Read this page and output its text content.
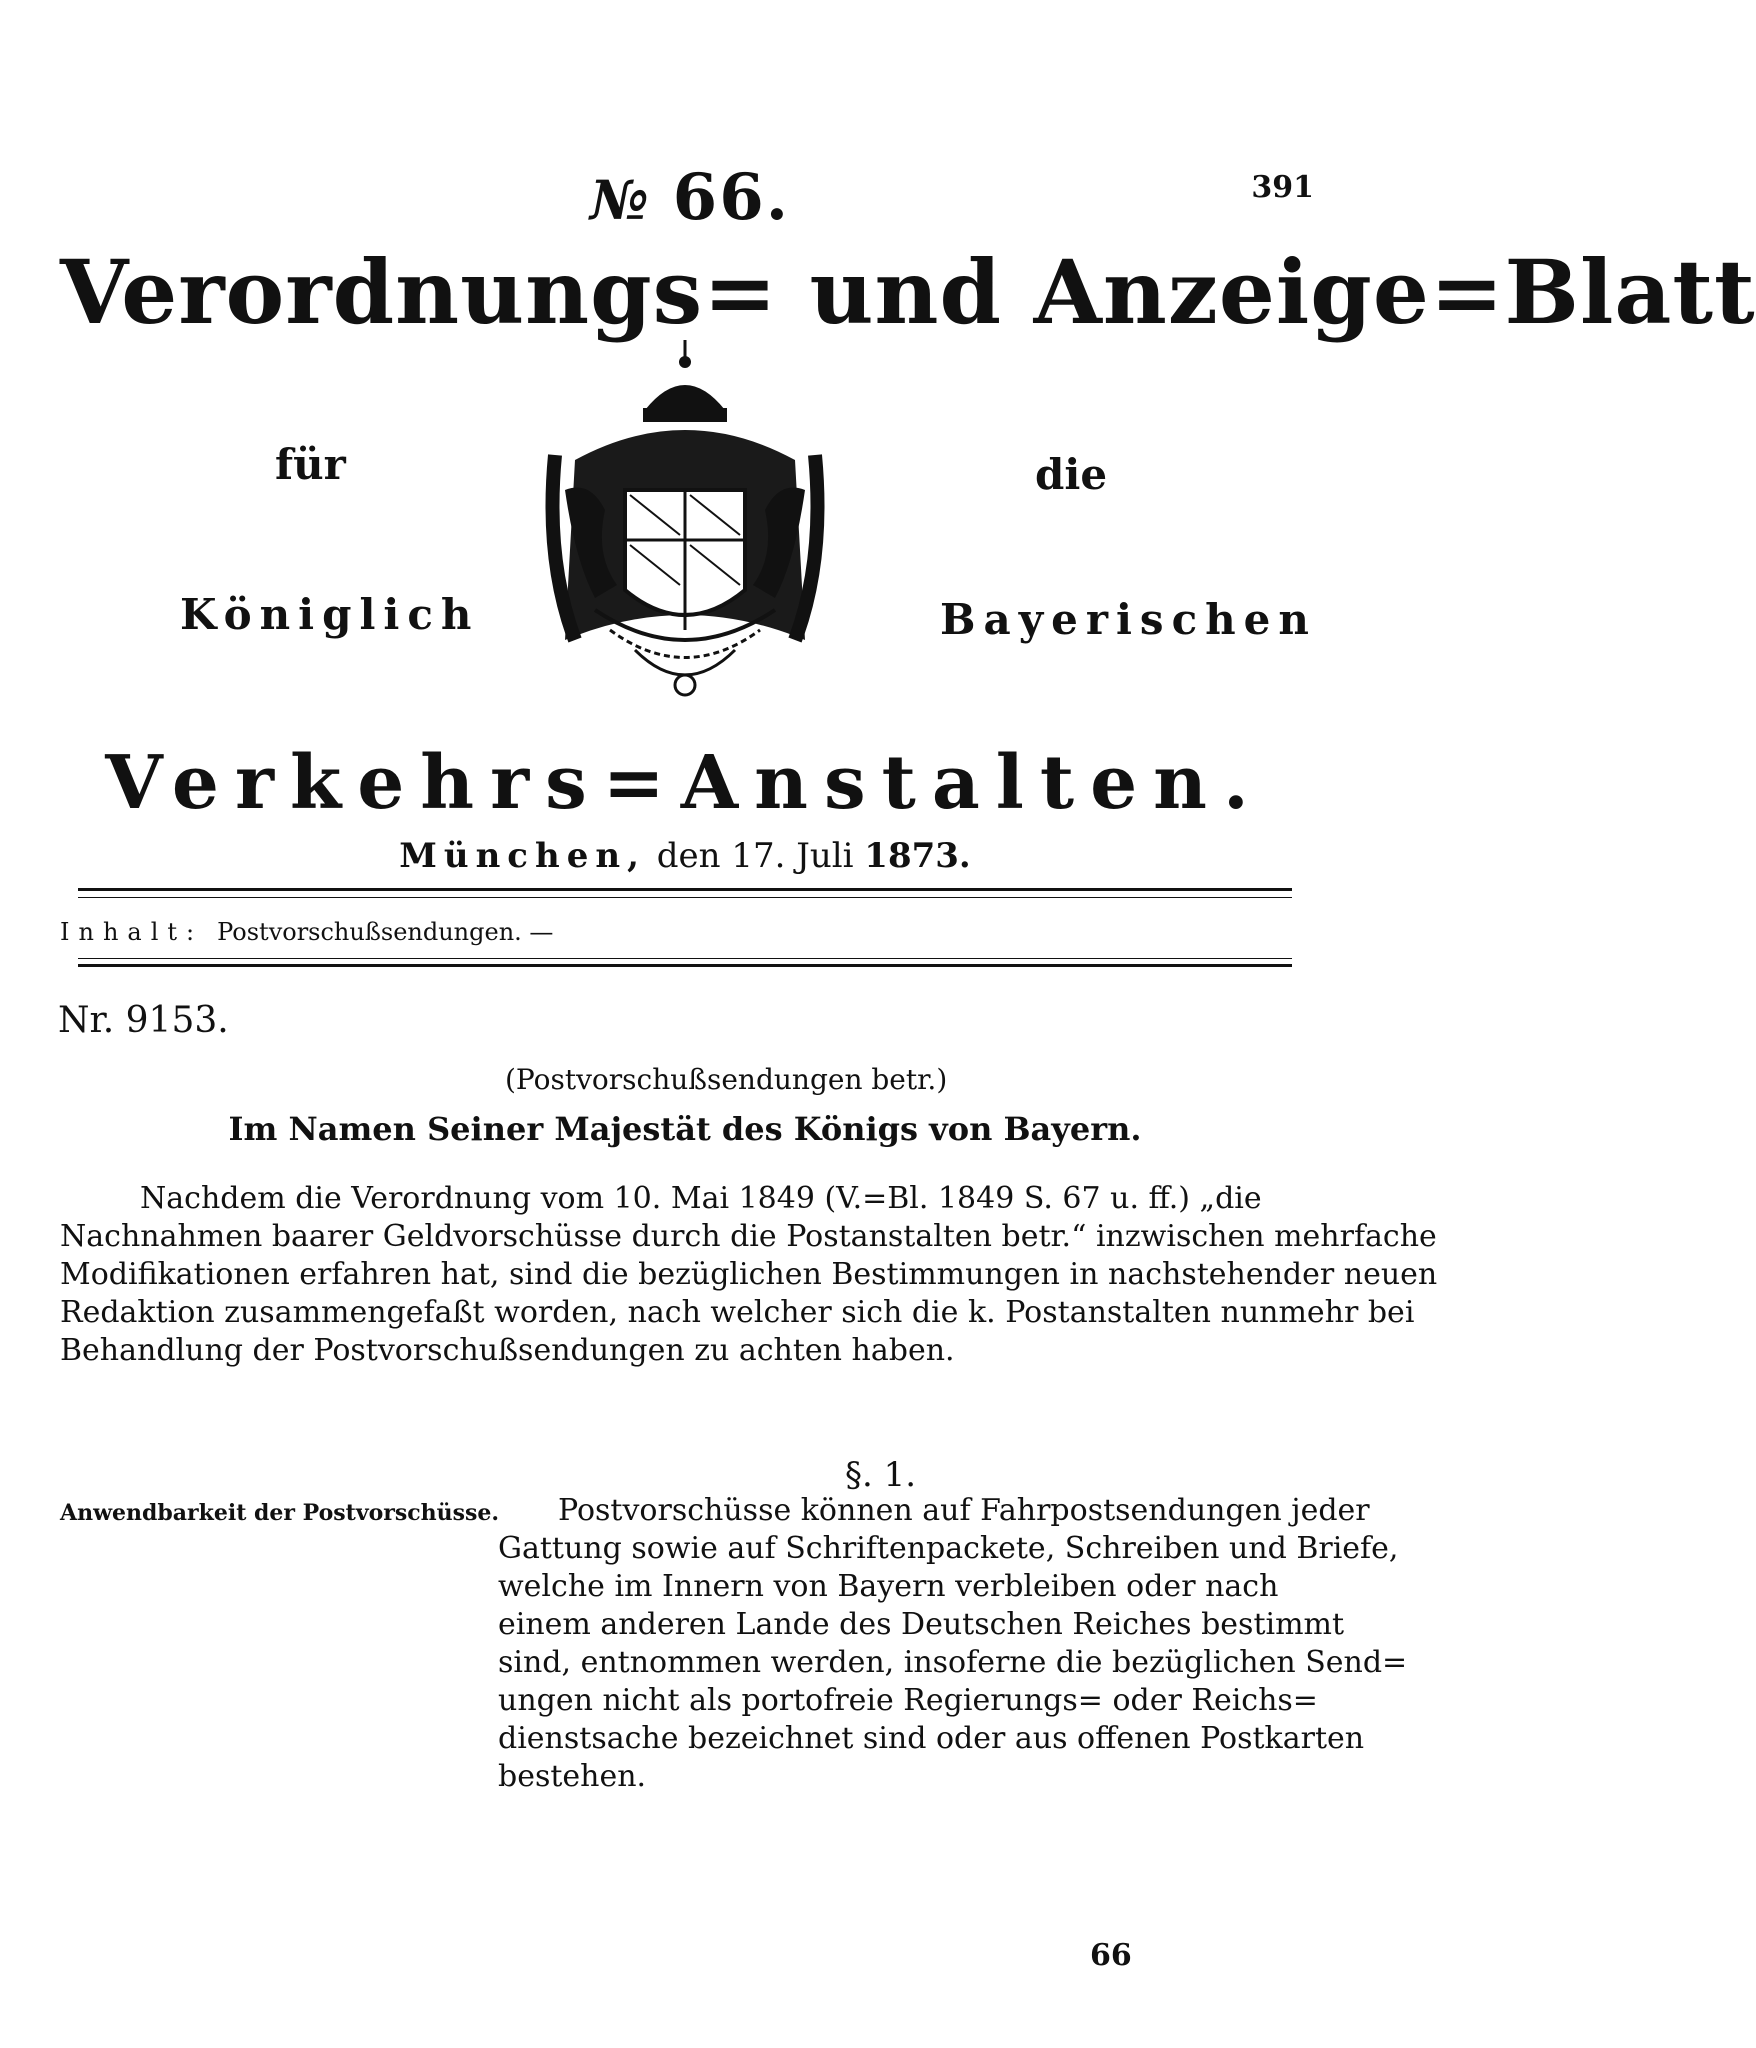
№ 66.	391
Verordnungs= und Anzeige=Blatt
für	die
Königlich	Bayerischen
Verkehrs=Anstalten.
München, den 17. Juli 1873.
Inhalt: Postvorschußsendungen. —
Nr. 9153.
(Postvorschußsendungen betr.)
Im Namen Seiner Majestät des Königs von Bayern.
Nachdem die Verordnung vom 10. Mai 1849 (V.=Bl. 1849 S. 67 u. ff.) „die
Nachnahmen baarer Geldvorschüsse durch die Postanstalten betr.“ inzwischen mehrfache
Modifikationen erfahren hat, sind die bezüglichen Bestimmungen in nachstehender neuen
Redaktion zusammengefaßt worden, nach welcher sich die k. Postanstalten nunmehr bei
Behandlung der Postvorschußsendungen zu achten haben.
§. 1.
Anwendbarkeit der Postvorschüsse.	Postvorschüsse können auf Fahrpostsendungen jeder
Gattung sowie auf Schriftenpackete, Schreiben und Briefe,
welche im Innern von Bayern verbleiben oder nach
einem anderen Lande des Deutschen Reiches bestimmt
sind, entnommen werden, insoferne die bezüglichen Send=
ungen nicht als portofreie Regierungs= oder Reichs=
dienstsache bezeichnet sind oder aus offenen Postkarten
bestehen.
66
